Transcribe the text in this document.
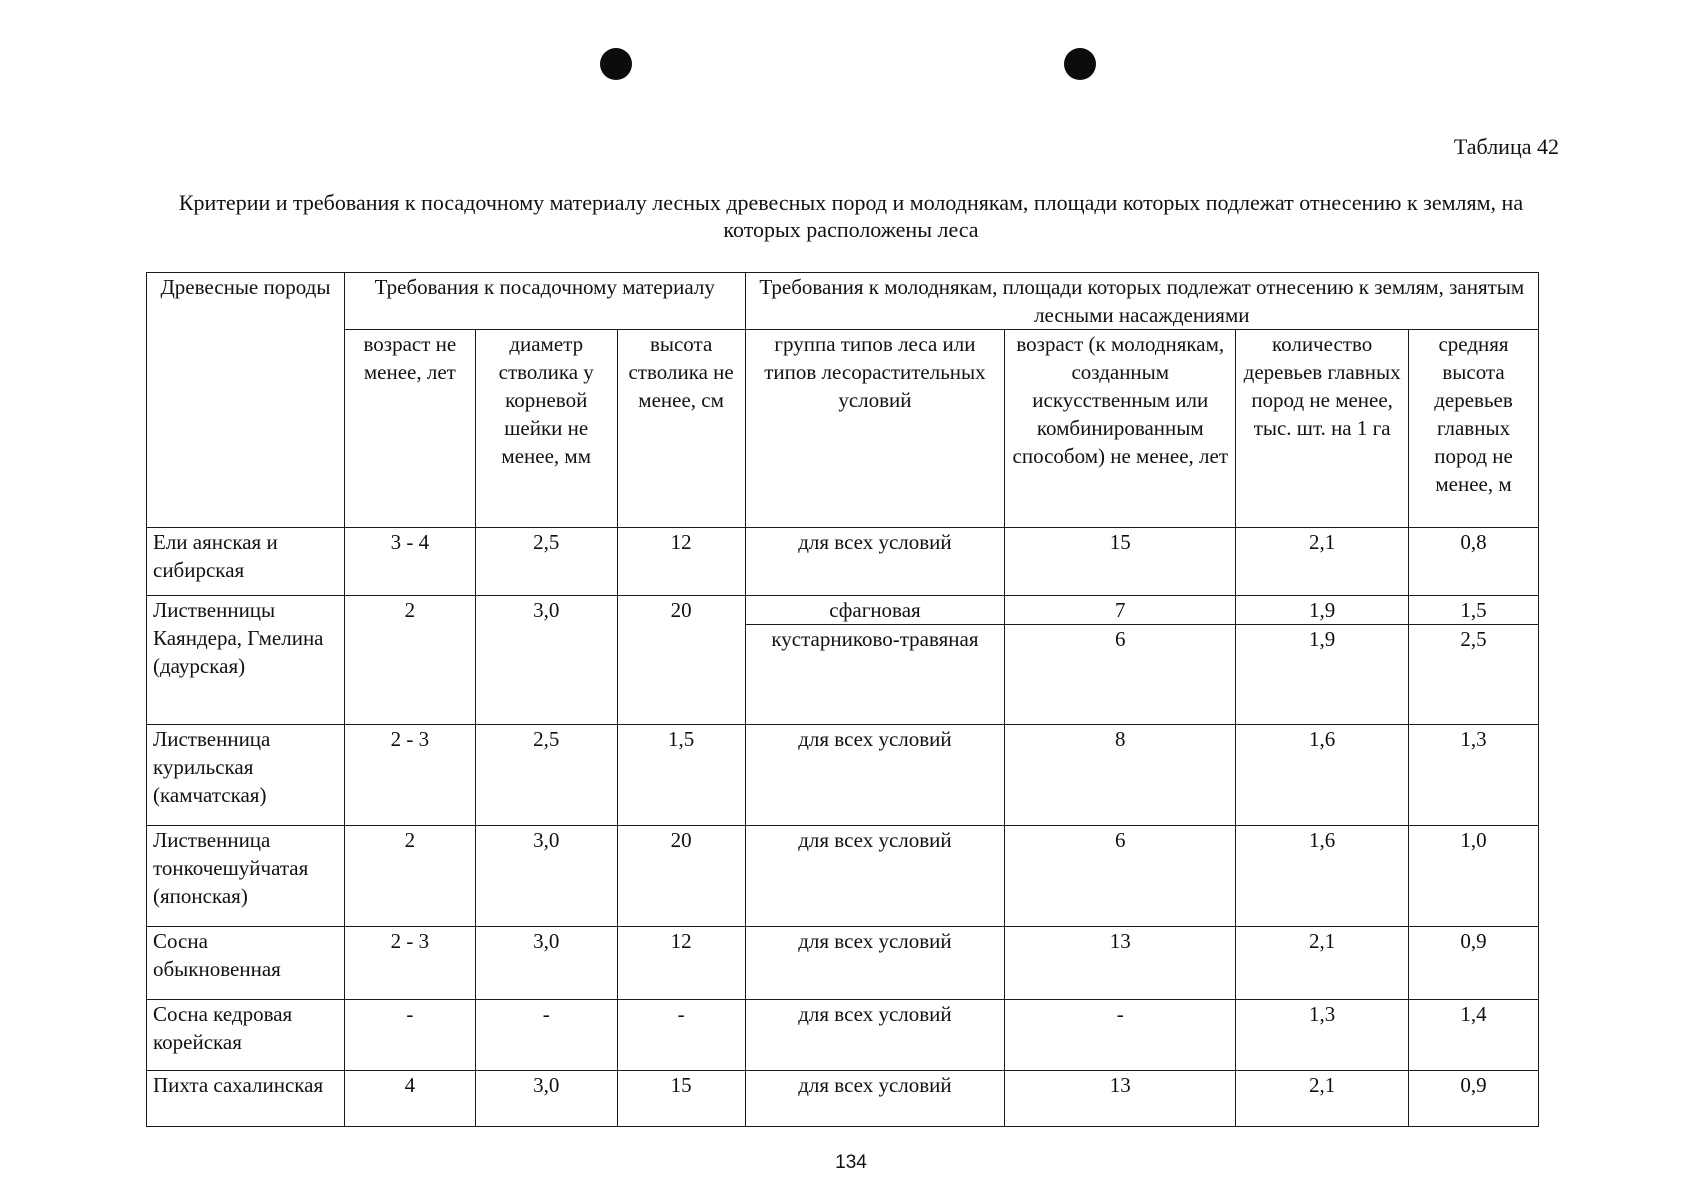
Таблица 42

Критерии и требования к посадочному материалу лесных древесных пород и молоднякам, площади которых подлежат отнесению к землям, на которых расположены леса
Древесные породы	Требования к посадочному материалу			Требования к молоднякам, площади которых подлежат отнесению к землям, занятым лесными насаждениями			
	возраст не менее, лет	диаметр стволика у корневой шейки не менее, мм	высота стволика не менее, см	группа типов леса или типов лесорастительных условий	возраст (к молоднякам, созданным искусственным или комбинированным способом) не менее, лет	количество деревьев главных пород не менее, тыс. шт. на 1 га	средняя высота деревьев главных пород не менее, м
Ели аянская и сибирская	3 - 4	2,5	12	для всех условий	15	2,1	0,8
Лиственницы Каяндера, Гмелина (даурская)	2	3,0	20	сфагновая	7	1,9	1,5
				кустарниково-травяная	6	1,9	2,5
Лиственница курильская (камчатская)	2 - 3	2,5	1,5	для всех условий	8	1,6	1,3
Лиственница тонкочешуйчатая (японская)	2	3,0	20	для всех условий	6	1,6	1,0
Сосна обыкновенная	2 - 3	3,0	12	для всех условий	13	2,1	0,9
Сосна кедровая корейская	-	-	-	для всех условий	-	1,3	1,4
Пихта сахалинская	4	3,0	15	для всех условий	13	2,1	0,9
134
